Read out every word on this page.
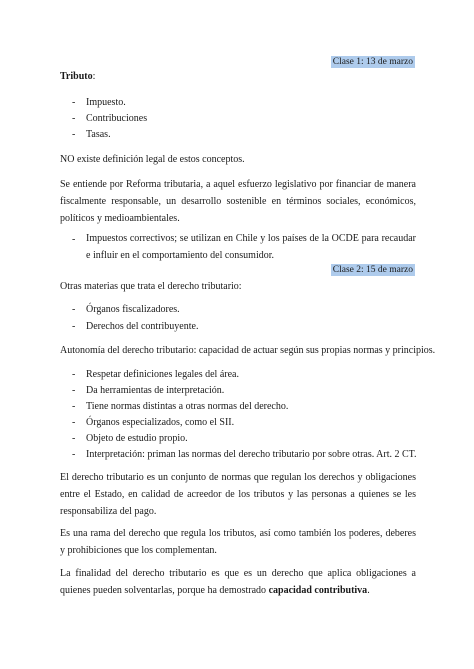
Clase 1: 13 de marzo
Tributo:
- Impuesto.
- Contribuciones
- Tasas.
NO existe definición legal de estos conceptos.
Se entiende por Reforma tributaria, a aquel esfuerzo legislativo por financiar de manera fiscalmente responsable, un desarrollo sostenible en términos sociales, económicos, políticos y medioambientales.
- Impuestos correctivos; se utilizan en Chile y los países de la OCDE para recaudar e influir en el comportamiento del consumidor.
Clase 2: 15 de marzo
Otras materias que trata el derecho tributario:
- Órganos fiscalizadores.
- Derechos del contribuyente.
Autonomía del derecho tributario: capacidad de actuar según sus propias normas y principios.
- Respetar definiciones legales del área.
- Da herramientas de interpretación.
- Tiene normas distintas a otras normas del derecho.
- Órganos especializados, como el SII.
- Objeto de estudio propio.
- Interpretación: priman las normas del derecho tributario por sobre otras. Art. 2 CT.
El derecho tributario es un conjunto de normas que regulan los derechos y obligaciones entre el Estado, en calidad de acreedor de los tributos y las personas a quienes se les responsabiliza del pago.
Es una rama del derecho que regula los tributos, así como también los poderes, deberes y prohibiciones que los complementan.
La finalidad del derecho tributario es que es un derecho que aplica obligaciones a quienes pueden solventarlas, porque ha demostrado capacidad contributiva.
